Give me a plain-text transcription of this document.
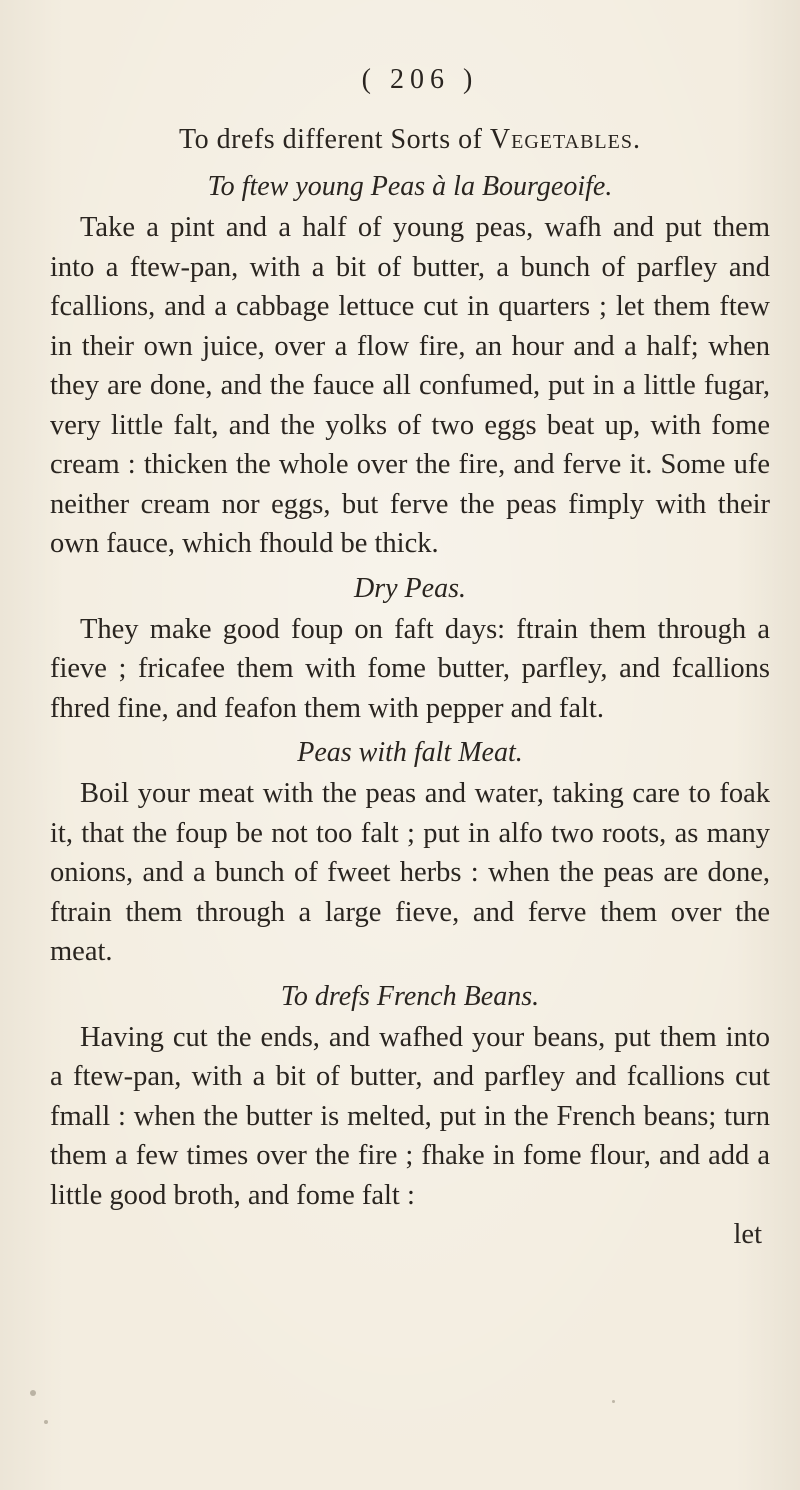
( 206 )
To drefs different Sorts of Vegetables.
To ftew young Peas à la Bourgeoife.

Take a pint and a half of young peas, wafh and put them into a ftew-pan, with a bit of butter, a bunch of parfley and fcallions, and a cabbage lettuce cut in quarters ; let them ftew in their own juice, over a flow fire, an hour and a half; when they are done, and the fauce all confumed, put in a little fugar, very little falt, and the yolks of two eggs beat up, with fome cream : thicken the whole over the fire, and ferve it. Some ufe neither cream nor eggs, but ferve the peas fimply with their own fauce, which fhould be thick.

Dry Peas.

They make good foup on faft days: ftrain them through a fieve ; fricafee them with fome butter, parfley, and fcallions fhred fine, and feafon them with pepper and falt.

Peas with falt Meat.

Boil your meat with the peas and water, taking care to foak it, that the foup be not too falt ; put in alfo two roots, as many onions, and a bunch of fweet herbs : when the peas are done, ftrain them through a large fieve, and ferve them over the meat.

To drefs French Beans.

Having cut the ends, and wafhed your beans, put them into a ftew-pan, with a bit of butter, and parfley and fcallions cut fmall : when the butter is melted, put in the French beans; turn them a few times over the fire ; fhake in fome flour, and add a little good broth, and fome falt :

let
